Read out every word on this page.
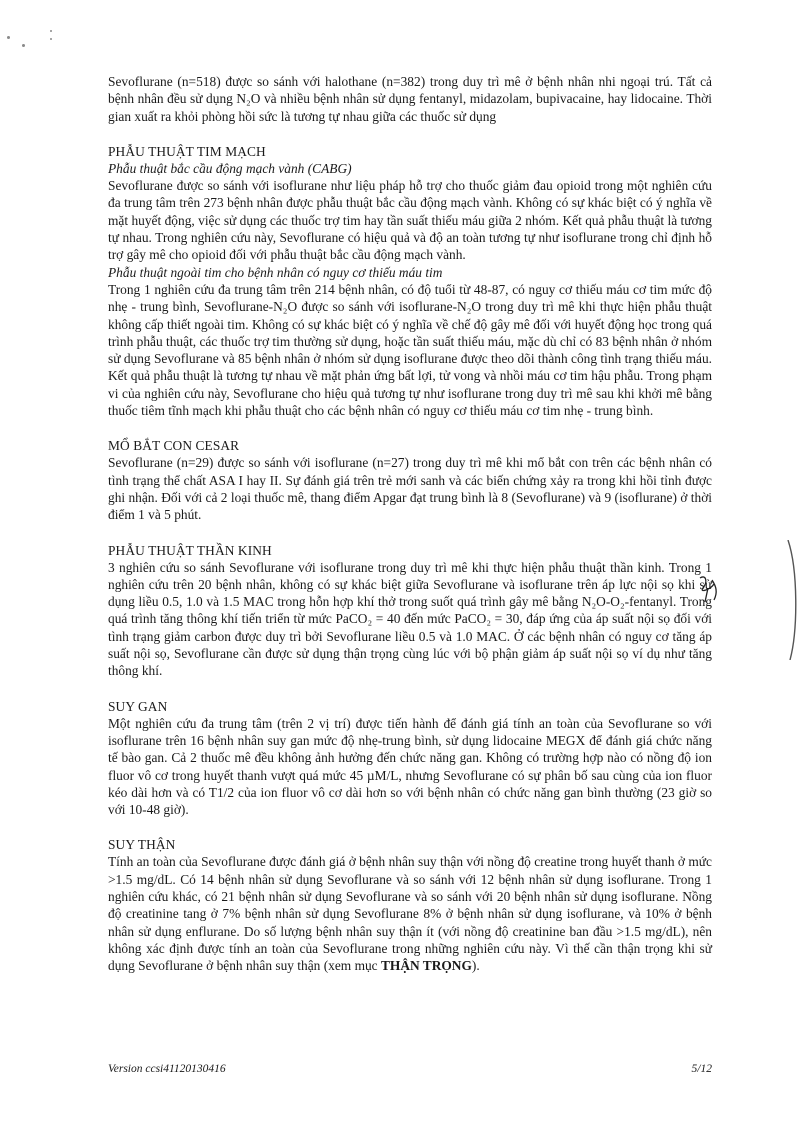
Sevoflurane (n=518) được so sánh với halothane (n=382) trong duy trì mê ở bệnh nhân nhi ngoại trú. Tất cả bệnh nhân đều sử dụng N₂O và nhiều bệnh nhân sử dụng fentanyl, midazolam, bupivacaine, hay lidocaine. Thời gian xuất ra khỏi phòng hồi sức là tương tự nhau giữa các thuốc sử dụng

PHẪU THUẬT TIM MẠCH

Phẫu thuật bắc cầu động mạch vành (CABG)

Sevoflurane được so sánh với isoflurane như liệu pháp hỗ trợ cho thuốc giảm đau opioid trong một nghiên cứu đa trung tâm trên 273 bệnh nhân được phẫu thuật bắc cầu động mạch vành. Không có sự khác biệt có ý nghĩa về mặt huyết động, việc sử dụng các thuốc trợ tim hay tần suất thiếu máu giữa 2 nhóm. Kết quả phẫu thuật là tương tự nhau. Trong nghiên cứu này, Sevoflurane có hiệu quả và độ an toàn tương tự như isoflurane trong chỉ định hỗ trợ gây mê cho opioid đối với phẫu thuật bắc cầu động mạch vành.

Phẫu thuật ngoài tim cho bệnh nhân có nguy cơ thiếu máu tim

Trong 1 nghiên cứu đa trung tâm trên 214 bệnh nhân, có độ tuổi từ 48-87, có nguy cơ thiếu máu cơ tim mức độ nhẹ - trung bình, Sevoflurane-N₂O được so sánh với isoflurane-N₂O trong duy trì mê khi thực hiện phẫu thuật không cấp thiết ngoài tim. Không có sự khác biệt có ý nghĩa về chế độ gây mê đối với huyết động học trong quá trình phẫu thuật, các thuốc trợ tim thường sử dụng, hoặc tần suất thiếu máu, mặc dù chỉ có 83 bệnh nhân ở nhóm sử dụng Sevoflurane và 85 bệnh nhân ở nhóm sử dụng isoflurane được theo dõi thành công tình trạng thiếu máu. Kết quả phẫu thuật là tương tự nhau về mặt phản ứng bất lợi, tử vong và nhồi máu cơ tim hậu phẫu. Trong phạm vi của nghiên cứu này, Sevoflurane cho hiệu quả tương tự như isoflurane trong duy trì mê sau khi khởi mê bằng thuốc tiêm tĩnh mạch khi phẫu thuật cho các bệnh nhân có nguy cơ thiếu máu cơ tim nhẹ - trung bình.

MỔ BẮT CON CESAR

Sevoflurane (n=29) được so sánh với isoflurane (n=27) trong duy trì mê khi mổ bắt con trên các bệnh nhân có tình trạng thể chất ASA I hay II. Sự đánh giá trên trẻ mới sanh và các biến chứng xảy ra trong khi hồi tỉnh được ghi nhận. Đối với cả 2 loại thuốc mê, thang điểm Apgar đạt trung bình là 8 (Sevoflurane) và 9 (isoflurane) ở thời điểm 1 và 5 phút.

PHẪU THUẬT THẦN KINH

3 nghiên cứu so sánh Sevoflurane với isoflurane trong duy trì mê khi thực hiện phẫu thuật thần kinh. Trong 1 nghiên cứu trên 20 bệnh nhân, không có sự khác biệt giữa Sevoflurane và isoflurane trên áp lực nội sọ khi sử dụng liều 0.5, 1.0 và 1.5 MAC trong hỗn hợp khí thở trong suốt quá trình gây mê bằng N₂O-O₂-fentanyl. Trong quá trình tăng thông khí tiến triển từ mức PaCO₂ = 40 đến mức PaCO₂ = 30, đáp ứng của áp suất nội sọ đối với tình trạng giảm carbon được duy trì bởi Sevoflurane liều 0.5 và 1.0 MAC. Ở các bệnh nhân có nguy cơ tăng áp suất nội sọ, Sevoflurane cần được sử dụng thận trọng cùng lúc với bộ phận giảm áp suất nội sọ ví dụ như tăng thông khí.

SUY GAN

Một nghiên cứu đa trung tâm (trên 2 vị trí) được tiến hành để đánh giá tính an toàn của Sevoflurane so với isoflurane trên 16 bệnh nhân suy gan mức độ nhẹ-trung bình, sử dụng lidocaine MEGX để đánh giá chức năng tế bào gan. Cả 2 thuốc mê đều không ảnh hưởng đến chức năng gan. Không có trường hợp nào có nồng độ ion fluor vô cơ trong huyết thanh vượt quá mức 45 µM/L, nhưng Sevoflurane có sự phân bố sau cùng của ion fluor kéo dài hơn và có T1/2 của ion fluor vô cơ dài hơn so với bệnh nhân có chức năng gan bình thường (23 giờ so với 10-48 giờ).

SUY THẬN

Tính an toàn của Sevoflurane được đánh giá ở bệnh nhân suy thận với nồng độ creatine trong huyết thanh ở mức >1.5 mg/dL. Có 14 bệnh nhân sử dụng Sevoflurane và so sánh với 12 bệnh nhân sử dụng isoflurane. Trong 1 nghiên cứu khác, có 21 bệnh nhân sử dụng Sevoflurane và so sánh với 20 bệnh nhân sử dụng isoflurane. Nồng độ creatinine tang ở 7% bệnh nhân sử dụng Sevoflurane 8% ở bệnh nhân sử dụng isoflurane, và 10% ở bệnh nhân sử dụng enflurane. Do số lượng bệnh nhân suy thận ít (với nồng độ creatinine ban đầu >1.5 mg/dL), nên không xác định được tính an toàn của Sevoflurane trong những nghiên cứu này. Vì thế cần thận trọng khi sử dụng Sevoflurane ở bệnh nhân suy thận (xem mục THẬN TRỌNG).

Version ccsi41120130416	5/12
